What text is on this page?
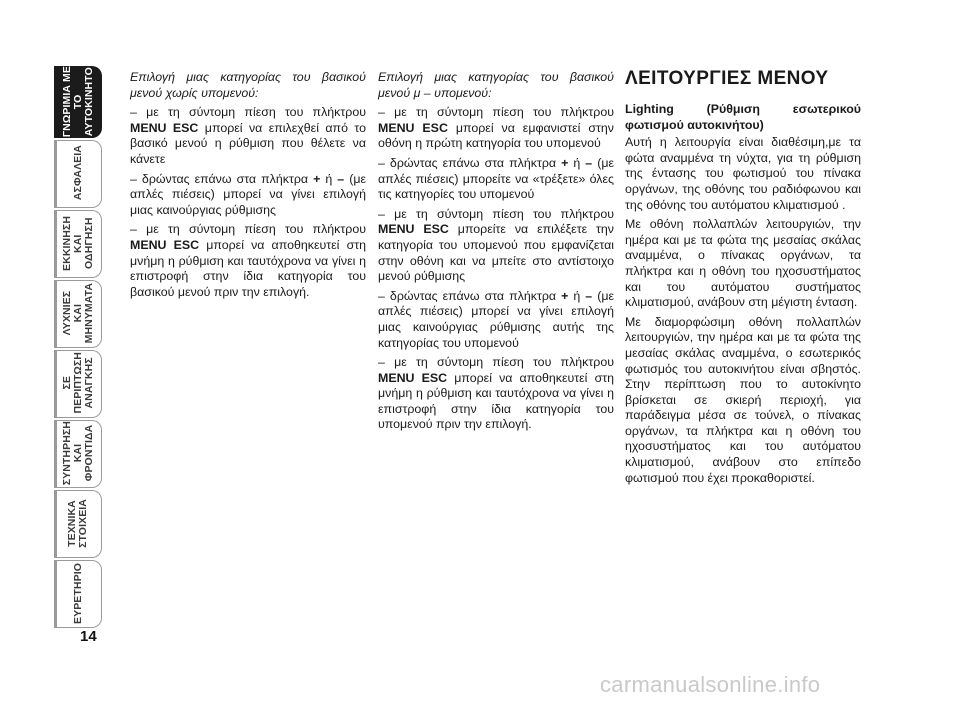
ΓΝΩΡΙΜΙΑ ΜΕ
ΤΟ
ΑΥΤΟΚΙΝΗΤΟ
ΑΣΦΑΛΕΙΑ
ΕΚΚΙΝΗΣΗ
ΚΑΙ
ΟΔΗΓΗΣΗ
ΛΥΧΝΙΕΣ
ΚΑΙ
ΜΗΝΥΜΑΤΑ
ΣΕ
ΠΕΡΙΠΤΩΣΗ
ΑΝΑΓΚΗΣ
ΣΥΝΤΗΡΗΣΗ
ΚΑΙ
ΦΡΟΝΤΙΔΑ
ΤΕΧΝΙΚΑ
ΣΤΟΙΧΕΙΑ
ΕΥΡΕΤΗΡΙΟ
14

Επιλογή μιας κατηγορίας του βασικού μενού χωρίς υπομενού:

– με τη σύντομη πίεση του πλήκτρου MENU ESC μπορεί να επιλεχθεί από το βασικό μενού η ρύθμιση που θέλετε να κάνετε

– δρώντας επάνω στα πλήκτρα + ή – (με απλές πιέσεις) μπορεί να γίνει επιλογή μιας καινούργιας ρύθμισης

– με τη σύντομη πίεση του πλήκτρου MENU ESC μπορεί να αποθηκευτεί στη μνήμη η ρύθμιση και ταυτόχρονα να γίνει η επιστροφή στην ίδια κατηγορία του βασικού μενού πριν την επιλογή.

Επιλογή μιας κατηγορίας του βασικού μενού μ – υπομενού:

– με τη σύντομη πίεση του πλήκτρου MENU ESC μπορεί να εμφανιστεί στην οθόνη η πρώτη κατηγορία του υπομενού

– δρώντας επάνω στα πλήκτρα + ή – (με απλές πιέσεις) μπορείτε να «τρέξετε» όλες τις κατηγορίες του υπομενού

– με τη σύντομη πίεση του πλήκτρου MENU ESC μπορείτε να επιλέξετε την κατηγορία του υπομενού που εμφανίζεται στην οθόνη και να μπείτε στο αντίστοιχο μενού ρύθμισης

– δρώντας επάνω στα πλήκτρα + ή – (με απλές πιέσεις) μπορεί να γίνει επιλογή μιας καινούργιας ρύθμισης αυτής της κατηγορίας του υπομενού

– με τη σύντομη πίεση του πλήκτρου MENU ESC μπορεί να αποθηκευτεί στη μνήμη η ρύθμιση και ταυτόχρονα να γίνει η επιστροφή στην ίδια κατηγορία του υπομενού πριν την επιλογή.

ΛΕΙΤΟΥΡΓΙΕΣ ΜΕΝΟΥ
Lighting (Ρύθμιση εσωτερικού φωτισμού αυτοκινήτου)

Αυτή η λειτουργία είναι διαθέσιμη,με τα φώτα αναμμένα τη νύχτα, για τη ρύθμιση της έντασης του φωτισμού του πίνακα οργάνων, της οθόνης του ραδιόφωνου και της οθόνης του αυτόματου κλιματισμού .

Με οθόνη πολλαπλών λειτουργιών, την ημέρα και με τα φώτα της μεσαίας σκάλας αναμμένα, ο πίνακας οργάνων, τα πλήκτρα και η οθόνη του ηχοσυστήματος και του αυτόματου συστήματος κλιματισμού, ανάβουν στη μέγιστη ένταση.

Με διαμορφώσιμη οθόνη πολλαπλών λειτουργιών, την ημέρα και με τα φώτα της μεσαίας σκάλας αναμμένα, ο εσωτερικός φωτισμός του αυτοκινήτου είναι σβηστός. Στην περίπτωση που το αυτοκίνητο βρίσκεται σε σκιερή περιοχή, για παράδειγμα μέσα σε τούνελ, ο πίνακας οργάνων, τα πλήκτρα και η οθόνη του ηχοσυστήματος και του αυτόματου κλιματισμού, ανάβουν στο επίπεδο φωτισμού που έχει προκαθοριστεί.

carmanualsonline.info
